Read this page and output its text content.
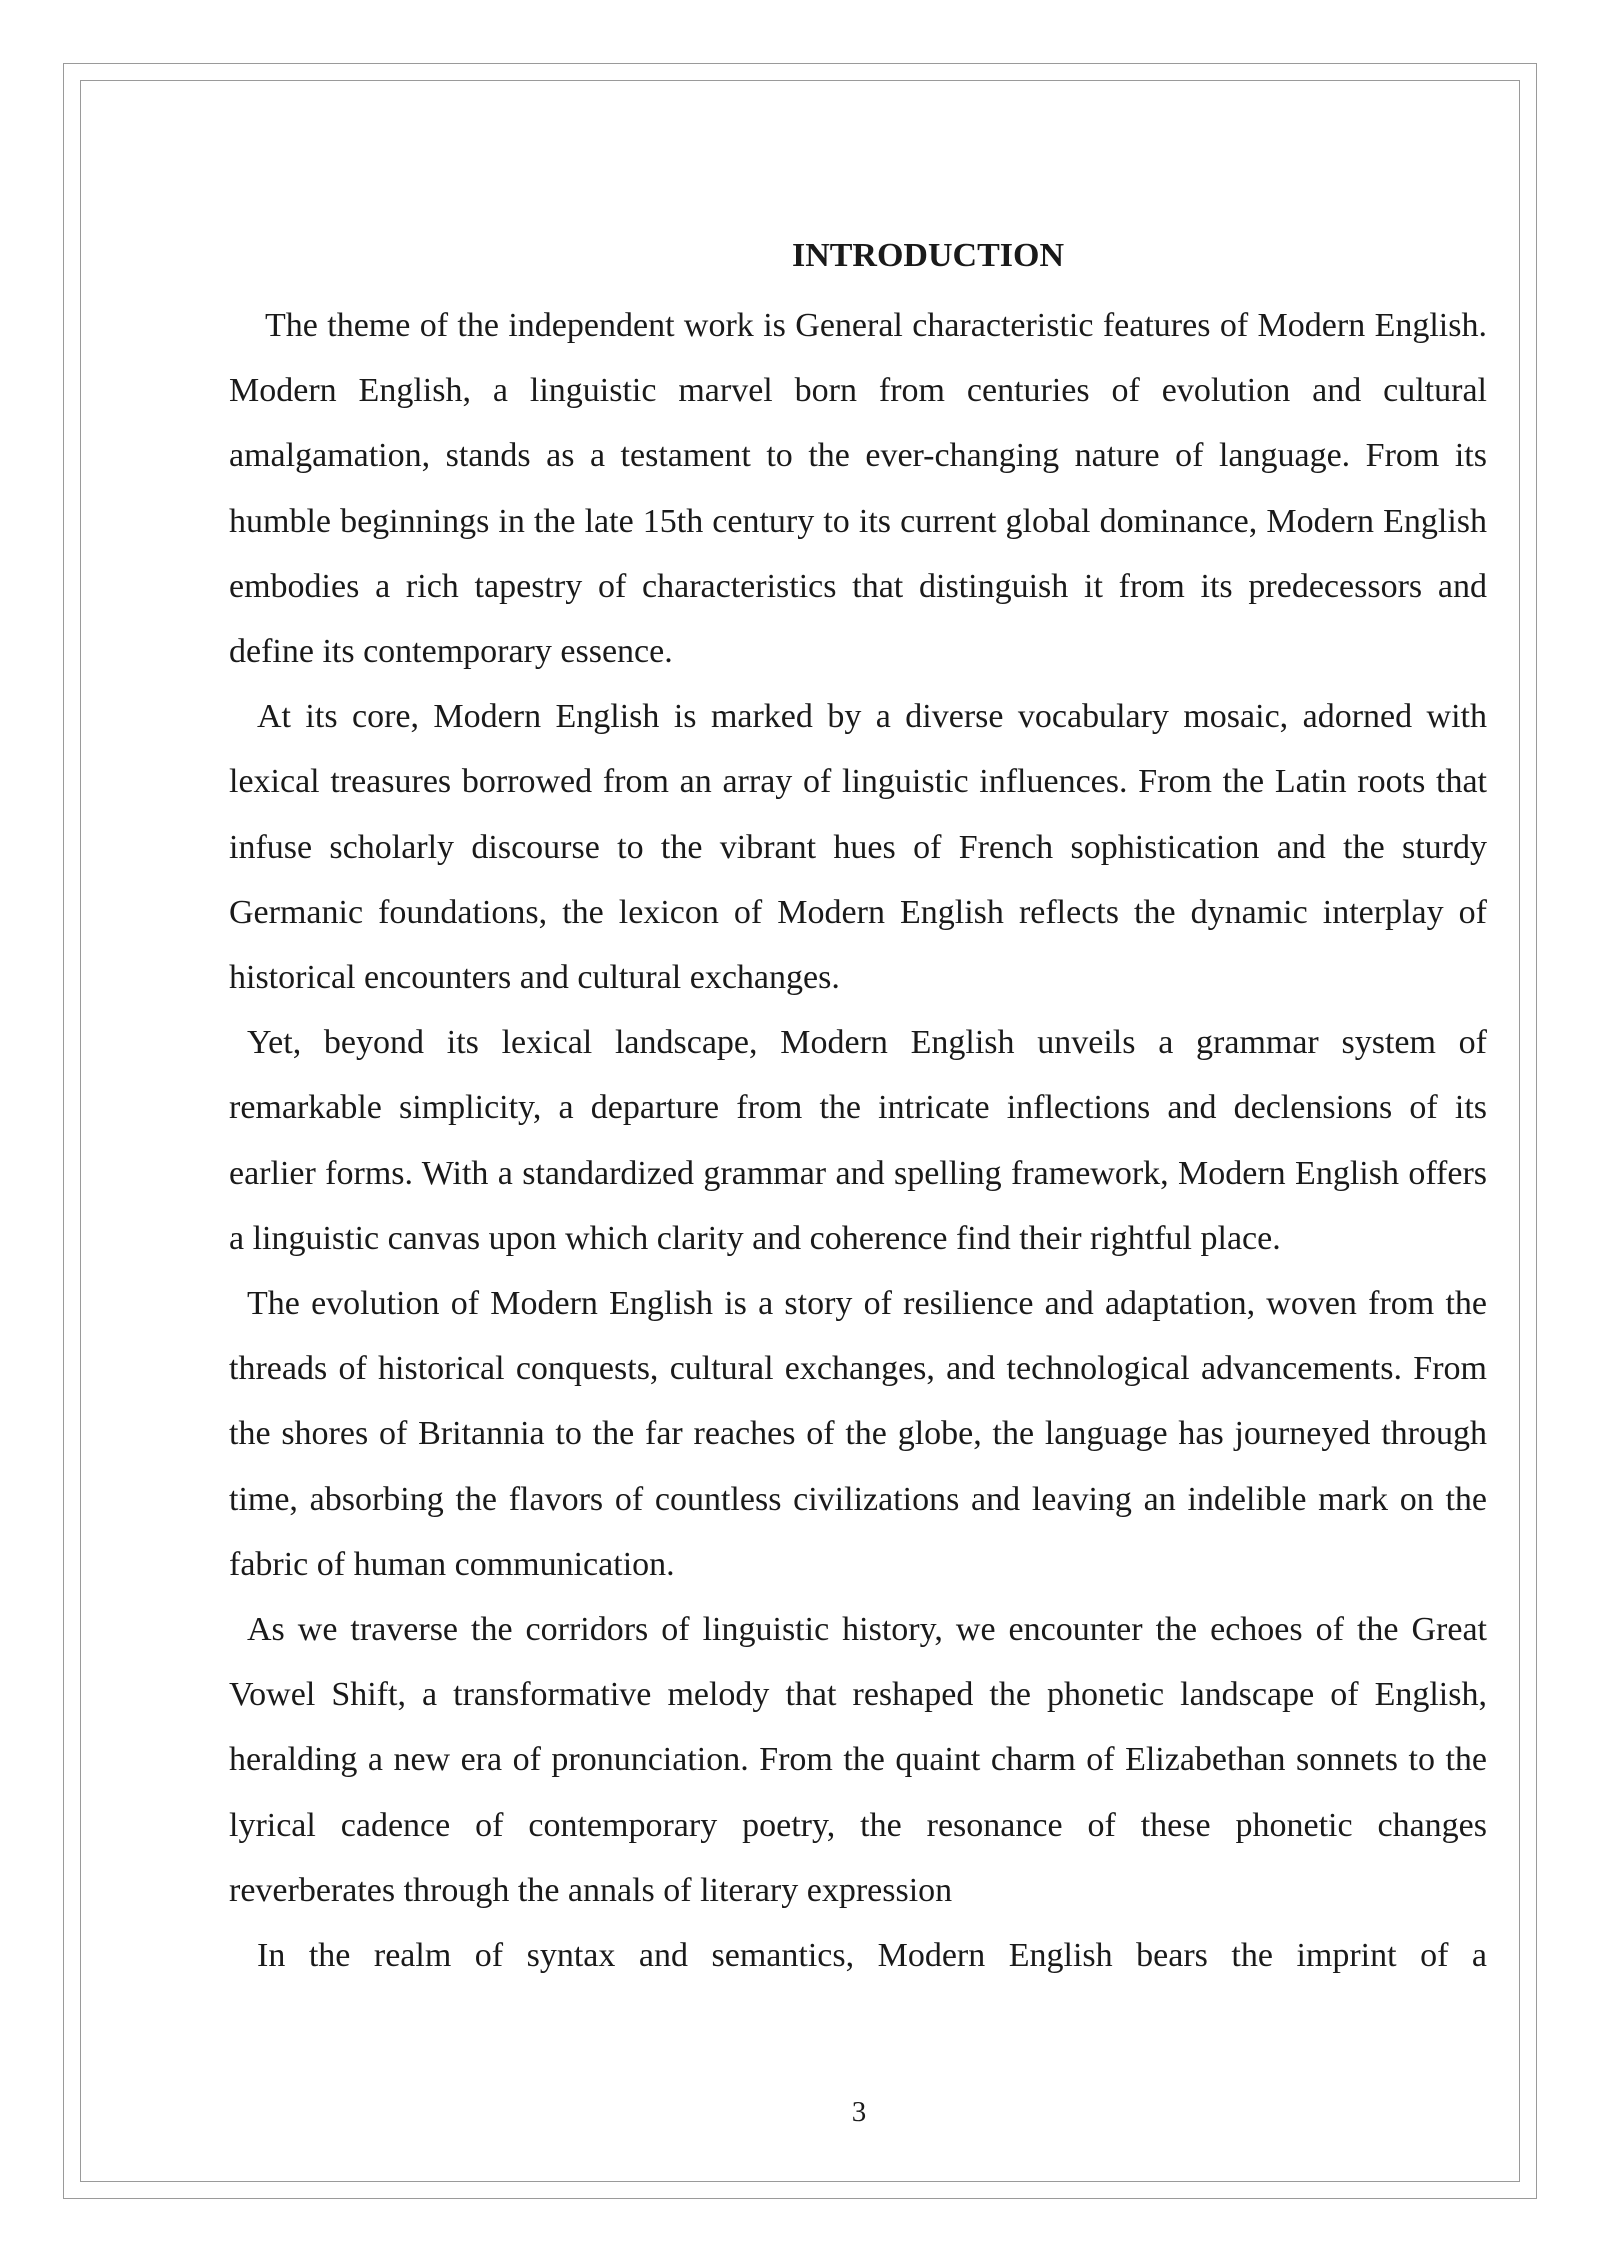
INTRODUCTION

The theme of the independent work is General characteristic features of Modern English. Modern English, a linguistic marvel born from centuries of evolution and cultural amalgamation, stands as a testament to the ever-changing nature of language. From its humble beginnings in the late 15th century to its current global dominance, Modern English embodies a rich tapestry of characteristics that distinguish it from its predecessors and define its contemporary essence.

At its core, Modern English is marked by a diverse vocabulary mosaic, adorned with lexical treasures borrowed from an array of linguistic influences. From the Latin roots that infuse scholarly discourse to the vibrant hues of French sophistication and the sturdy Germanic foundations, the lexicon of Modern English reflects the dynamic interplay of historical encounters and cultural exchanges.

Yet, beyond its lexical landscape, Modern English unveils a grammar system of remarkable simplicity, a departure from the intricate inflections and declensions of its earlier forms. With a standardized grammar and spelling framework, Modern English offers a linguistic canvas upon which clarity and coherence find their rightful place.

The evolution of Modern English is a story of resilience and adaptation, woven from the threads of historical conquests, cultural exchanges, and technological advancements. From the shores of Britannia to the far reaches of the globe, the language has journeyed through time, absorbing the flavors of countless civilizations and leaving an indelible mark on the fabric of human communication.

As we traverse the corridors of linguistic history, we encounter the echoes of the Great Vowel Shift, a transformative melody that reshaped the phonetic landscape of English, heralding a new era of pronunciation. From the quaint charm of Elizabethan sonnets to the lyrical cadence of contemporary poetry, the resonance of these phonetic changes reverberates through the annals of literary expression

In the realm of syntax and semantics, Modern English bears the imprint of a

3
